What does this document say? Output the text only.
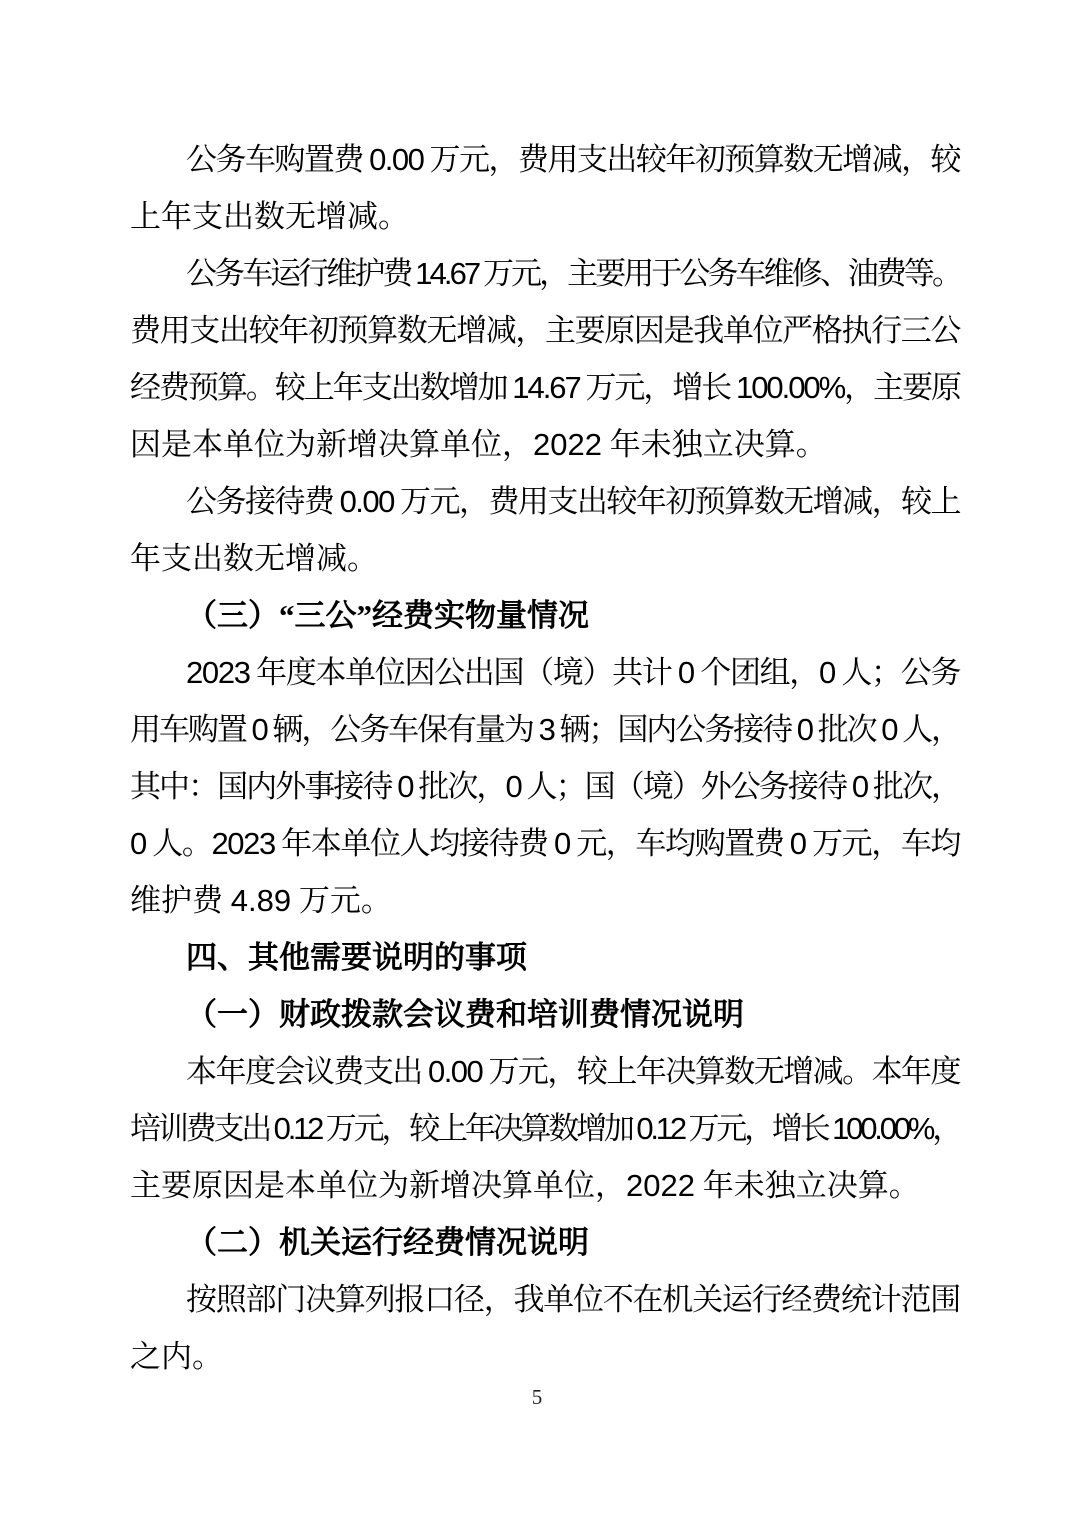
公务车购置费 0.00 万元，费用支出较年初预算数无增减，较
上年支出数无增减。
公务车运行维护费 14.67 万元，主要用于公务车维修、油费等。
费用支出较年初预算数无增减，主要原因是我单位严格执行三公
经费预算。较上年支出数增加 14.67 万元，增长 100.00%，主要原
因是本单位为新增决算单位，2022 年未独立决算。
公务接待费 0.00 万元，费用支出较年初预算数无增减，较上
年支出数无增减。
（三）“三公”经费实物量情况
2023 年度本单位因公出国（境）共计 0 个团组，0 人；公务
用车购置 0 辆，公务车保有量为 3 辆；国内公务接待 0 批次 0 人，
其中：国内外事接待 0 批次，0 人；国（境）外公务接待 0 批次，
0 人。2023 年本单位人均接待费 0 元，车均购置费 0 万元，车均
维护费 4.89 万元。
四、其他需要说明的事项
（一）财政拨款会议费和培训费情况说明
本年度会议费支出 0.00 万元，较上年决算数无增减。本年度
培训费支出 0.12 万元，较上年决算数增加 0.12 万元，增长 100.00%，
主要原因是本单位为新增决算单位，2022 年未独立决算。
（二）机关运行经费情况说明
按照部门决算列报口径，我单位不在机关运行经费统计范围
之内。
5
